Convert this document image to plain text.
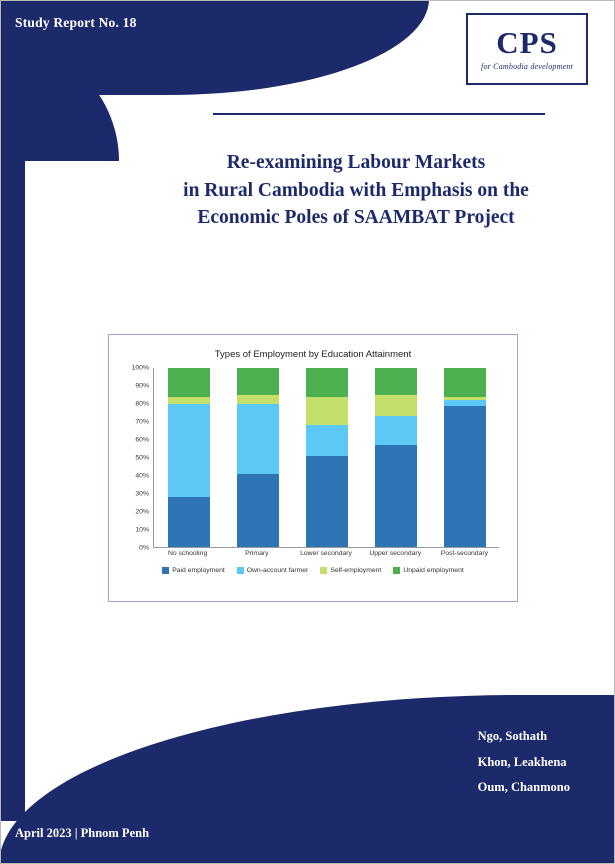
Study Report No. 18
CPS
for Cambodia development
Re-examining Labour Markets
in Rural Cambodia with Emphasis on the
Economic Poles of SAAMBAT Project
Types of Employment by Education Attainment
0%
10%
20%
30%
40%
50%
60%
70%
80%
90%
100%
No schooling	Primary	Lower secondary	Upper secondary	Post-secondary
Paid employment	Own-account farmer	Self-employment	Unpaid employment
Ngo, Sothath
Khon, Leakhena
Oum, Chanmono
April 2023 | Phnom Penh
